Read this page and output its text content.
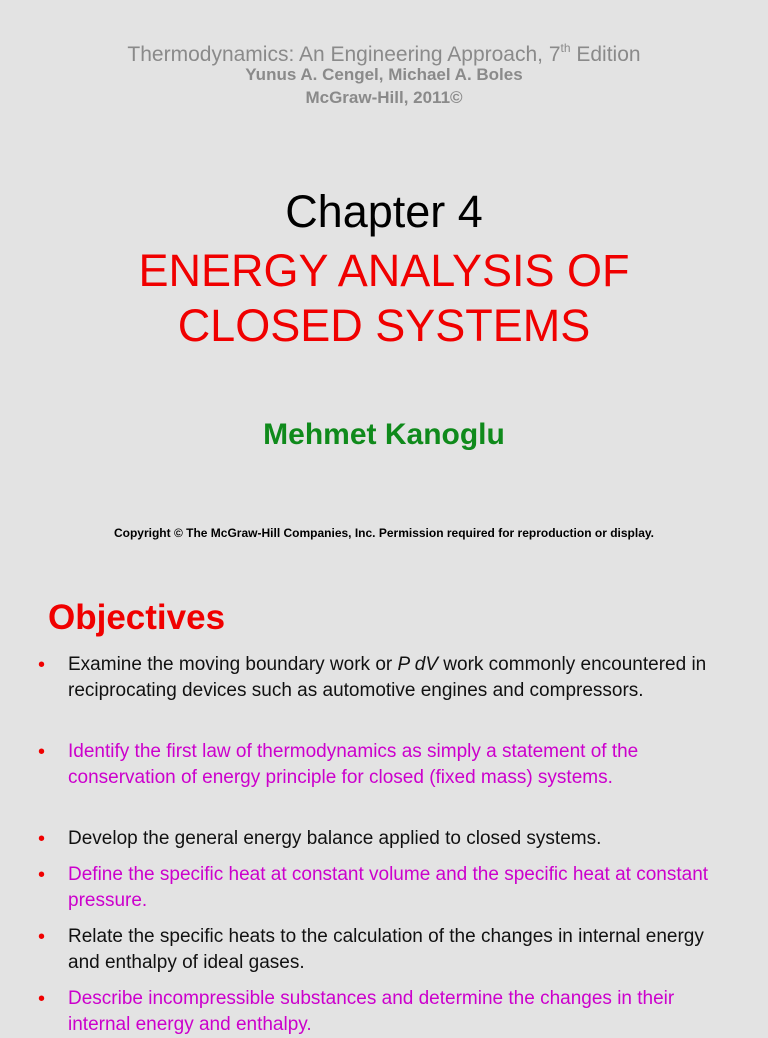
Thermodynamics: An Engineering Approach, 7th Edition
Yunus A. Cengel, Michael A. Boles
McGraw-Hill, 2011©
Chapter 4
ENERGY ANALYSIS OF
CLOSED SYSTEMS
Mehmet Kanoglu
Copyright © The McGraw-Hill Companies, Inc. Permission required for reproduction or display.
Objectives
• Examine the moving boundary work or P dV work commonly encountered in reciprocating devices such as automotive engines and compressors.
• Identify the first law of thermodynamics as simply a statement of the conservation of energy principle for closed (fixed mass) systems.
• Develop the general energy balance applied to closed systems.
• Define the specific heat at constant volume and the specific heat at constant pressure.
• Relate the specific heats to the calculation of the changes in internal energy and enthalpy of ideal gases.
• Describe incompressible substances and determine the changes in their internal energy and enthalpy.
